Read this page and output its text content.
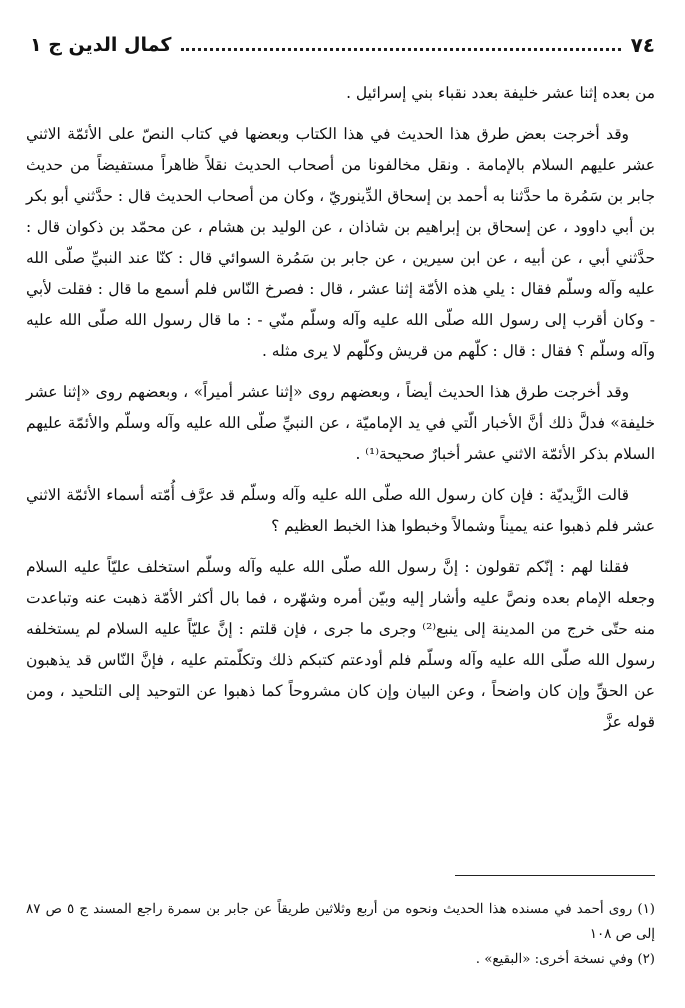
٧٤
كمال الدين ج ١

من بعده إثنا عشر خليفة بعدد نقباء بني إسرائيل .

وقد أخرجت بعض طرق هذا الحديث في هذا الكتاب وبعضها في كتاب النصّ على الأئمّة الاثني عشر عليهم السلام بالإمامة . ونقل مخالفونا من أصحاب الحديث نقلاً ظاهراً مستفيضاً من حديث جابر بن سَمُرة ما حدَّثنا به أحمد بن إسحاق الدِّينوريّ ، وكان من أصحاب الحديث قال : حدَّثني أبو بكر بن أبي داوود ، عن إسحاق بن إبراهيم بن شاذان ، عن الوليد بن هشام ، عن محمّد بن ذكوان قال : حدَّثني أبي ، عن أبيه ، عن ابن سيرين ، عن جابر بن سَمُرة السوائي قال : كنّا عند النبيِّ صلّى الله عليه وآله وسلّم فقال : يلي هذه الأمّة إثنا عشر ، قال : فصرخ النّاس فلم أسمع ما قال : فقلت لأبي - وكان أقرب إلى رسول الله صلّى الله عليه وآله وسلّم منّي - : ما قال رسول الله صلّى الله عليه وآله وسلّم ؟ فقال : قال : كلّهم من قريش وكلّهم لا يرى مثله .

وقد أخرجت طرق هذا الحديث أيضاً ، وبعضهم روى «إثنا عشر أميراً» ، وبعضهم روى «إثنا عشر خليفة» فدلَّ ذلك أنَّ الأخبار الّتي في يد الإماميّة ، عن النبيِّ صلّى الله عليه وآله وسلّم والأئمّة عليهم السلام بذكر الأئمّة الاثني عشر أخبارٌ صحيحة⁽¹⁾ .

قالت الزَّيديّة : فإن كان رسول الله صلّى الله عليه وآله وسلّم قد عرَّف أُمّته أسماء الأئمّة الاثني عشر فلم ذهبوا عنه يميناً وشمالاً وخبطوا هذا الخبط العظيم ؟

فقلنا لهم : إنّكم تقولون : إنَّ رسول الله صلّى الله عليه وآله وسلّم استخلف عليّاً عليه السلام وجعله الإمام بعده ونصَّ عليه وأشار إليه وبيّن أمره وشهّره ، فما بال أكثر الأمّة ذهبت عنه وتباعدت منه حتّى خرج من المدينة إلى ينبع⁽²⁾ وجرى ما جرى ، فإن قلتم : إنَّ عليّاً عليه السلام لم يستخلفه رسول الله صلّى الله عليه وآله وسلّم فلم أودعتم كتبكم ذلك وتكلّمتم عليه ، فإنَّ النّاس قد يذهبون عن الحقِّ وإن كان واضحاً ، وعن البيان وإن كان مشروحاً كما ذهبوا عن التوحيد إلى التلحيد ، ومن قوله عزَّ

(١) روى أحمد في مسنده هذا الحديث ونحوه من أربع وثلاثين طريقاً عن جابر بن سمرة راجع المسند ج ٥ ص ٨٧ إلى ص ١٠٨

(٢) وفي نسخة أخرى: «البقيع» .
